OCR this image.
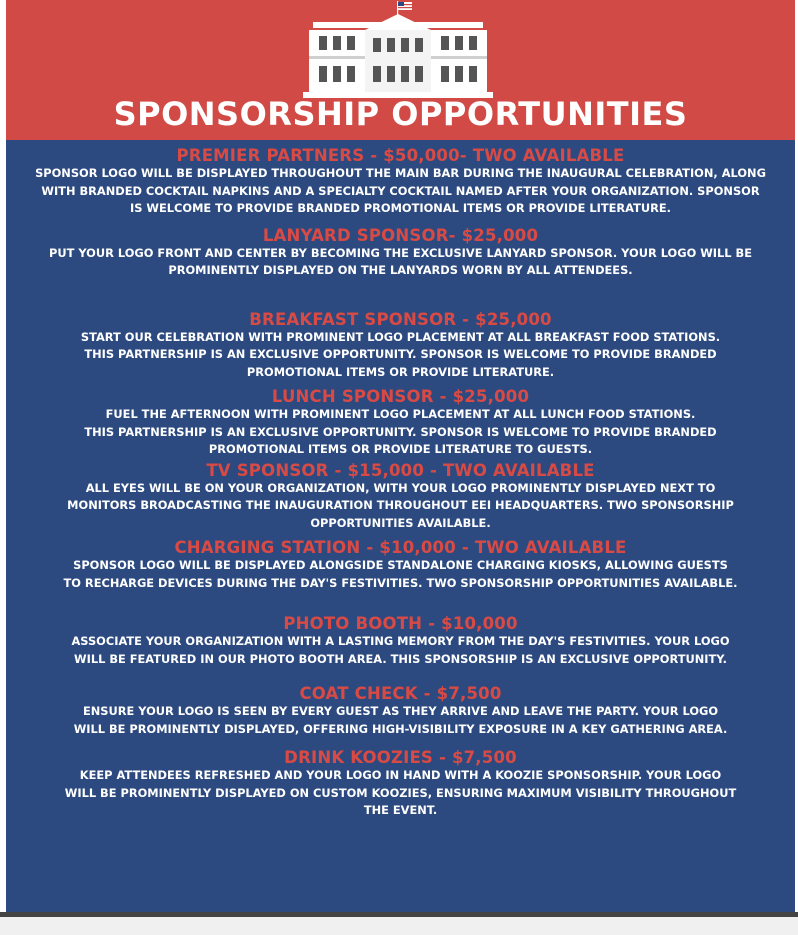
SPONSORSHIP OPPORTUNITIES
PREMIER PARTNERS - $50,000- TWO AVAILABLE
SPONSOR LOGO WILL BE DISPLAYED THROUGHOUT THE MAIN BAR DURING THE INAUGURAL CELEBRATION, ALONG
WITH BRANDED COCKTAIL NAPKINS AND A SPECIALTY COCKTAIL NAMED AFTER YOUR ORGANIZATION. SPONSOR
IS WELCOME TO PROVIDE BRANDED PROMOTIONAL ITEMS OR PROVIDE LITERATURE.
LANYARD SPONSOR- $25,000
PUT YOUR LOGO FRONT AND CENTER BY BECOMING THE EXCLUSIVE LANYARD SPONSOR. YOUR LOGO WILL BE
PROMINENTLY DISPLAYED ON THE LANYARDS WORN BY ALL ATTENDEES.
BREAKFAST SPONSOR - $25,000
START OUR CELEBRATION WITH PROMINENT LOGO PLACEMENT AT ALL BREAKFAST FOOD STATIONS.
THIS PARTNERSHIP IS AN EXCLUSIVE OPPORTUNITY. SPONSOR IS WELCOME TO PROVIDE BRANDED
PROMOTIONAL ITEMS OR PROVIDE LITERATURE.
LUNCH SPONSOR - $25,000
FUEL THE AFTERNOON WITH PROMINENT LOGO PLACEMENT AT ALL LUNCH FOOD STATIONS.
THIS PARTNERSHIP IS AN EXCLUSIVE OPPORTUNITY. SPONSOR IS WELCOME TO PROVIDE BRANDED
PROMOTIONAL ITEMS OR PROVIDE LITERATURE TO GUESTS.
TV SPONSOR - $15,000 - TWO AVAILABLE
ALL EYES WILL BE ON YOUR ORGANIZATION, WITH YOUR LOGO PROMINENTLY DISPLAYED NEXT TO
MONITORS BROADCASTING THE INAUGURATION THROUGHOUT EEI HEADQUARTERS. TWO SPONSORSHIP
OPPORTUNITIES AVAILABLE.
CHARGING STATION - $10,000 - TWO AVAILABLE
SPONSOR LOGO WILL BE DISPLAYED ALONGSIDE STANDALONE CHARGING KIOSKS, ALLOWING GUESTS
TO RECHARGE DEVICES DURING THE DAY'S FESTIVITIES. TWO SPONSORSHIP OPPORTUNITIES AVAILABLE.
PHOTO BOOTH - $10,000
ASSOCIATE YOUR ORGANIZATION WITH A LASTING MEMORY FROM THE DAY'S FESTIVITIES. YOUR LOGO
WILL BE FEATURED IN OUR PHOTO BOOTH AREA. THIS SPONSORSHIP IS AN EXCLUSIVE OPPORTUNITY.
COAT CHECK - $7,500
ENSURE YOUR LOGO IS SEEN BY EVERY GUEST AS THEY ARRIVE AND LEAVE THE PARTY. YOUR LOGO
WILL BE PROMINENTLY DISPLAYED, OFFERING HIGH-VISIBILITY EXPOSURE IN A KEY GATHERING AREA.
DRINK KOOZIES - $7,500
KEEP ATTENDEES REFRESHED AND YOUR LOGO IN HAND WITH A KOOZIE SPONSORSHIP. YOUR LOGO
WILL BE PROMINENTLY DISPLAYED ON CUSTOM KOOZIES, ENSURING MAXIMUM VISIBILITY THROUGHOUT
THE EVENT.
